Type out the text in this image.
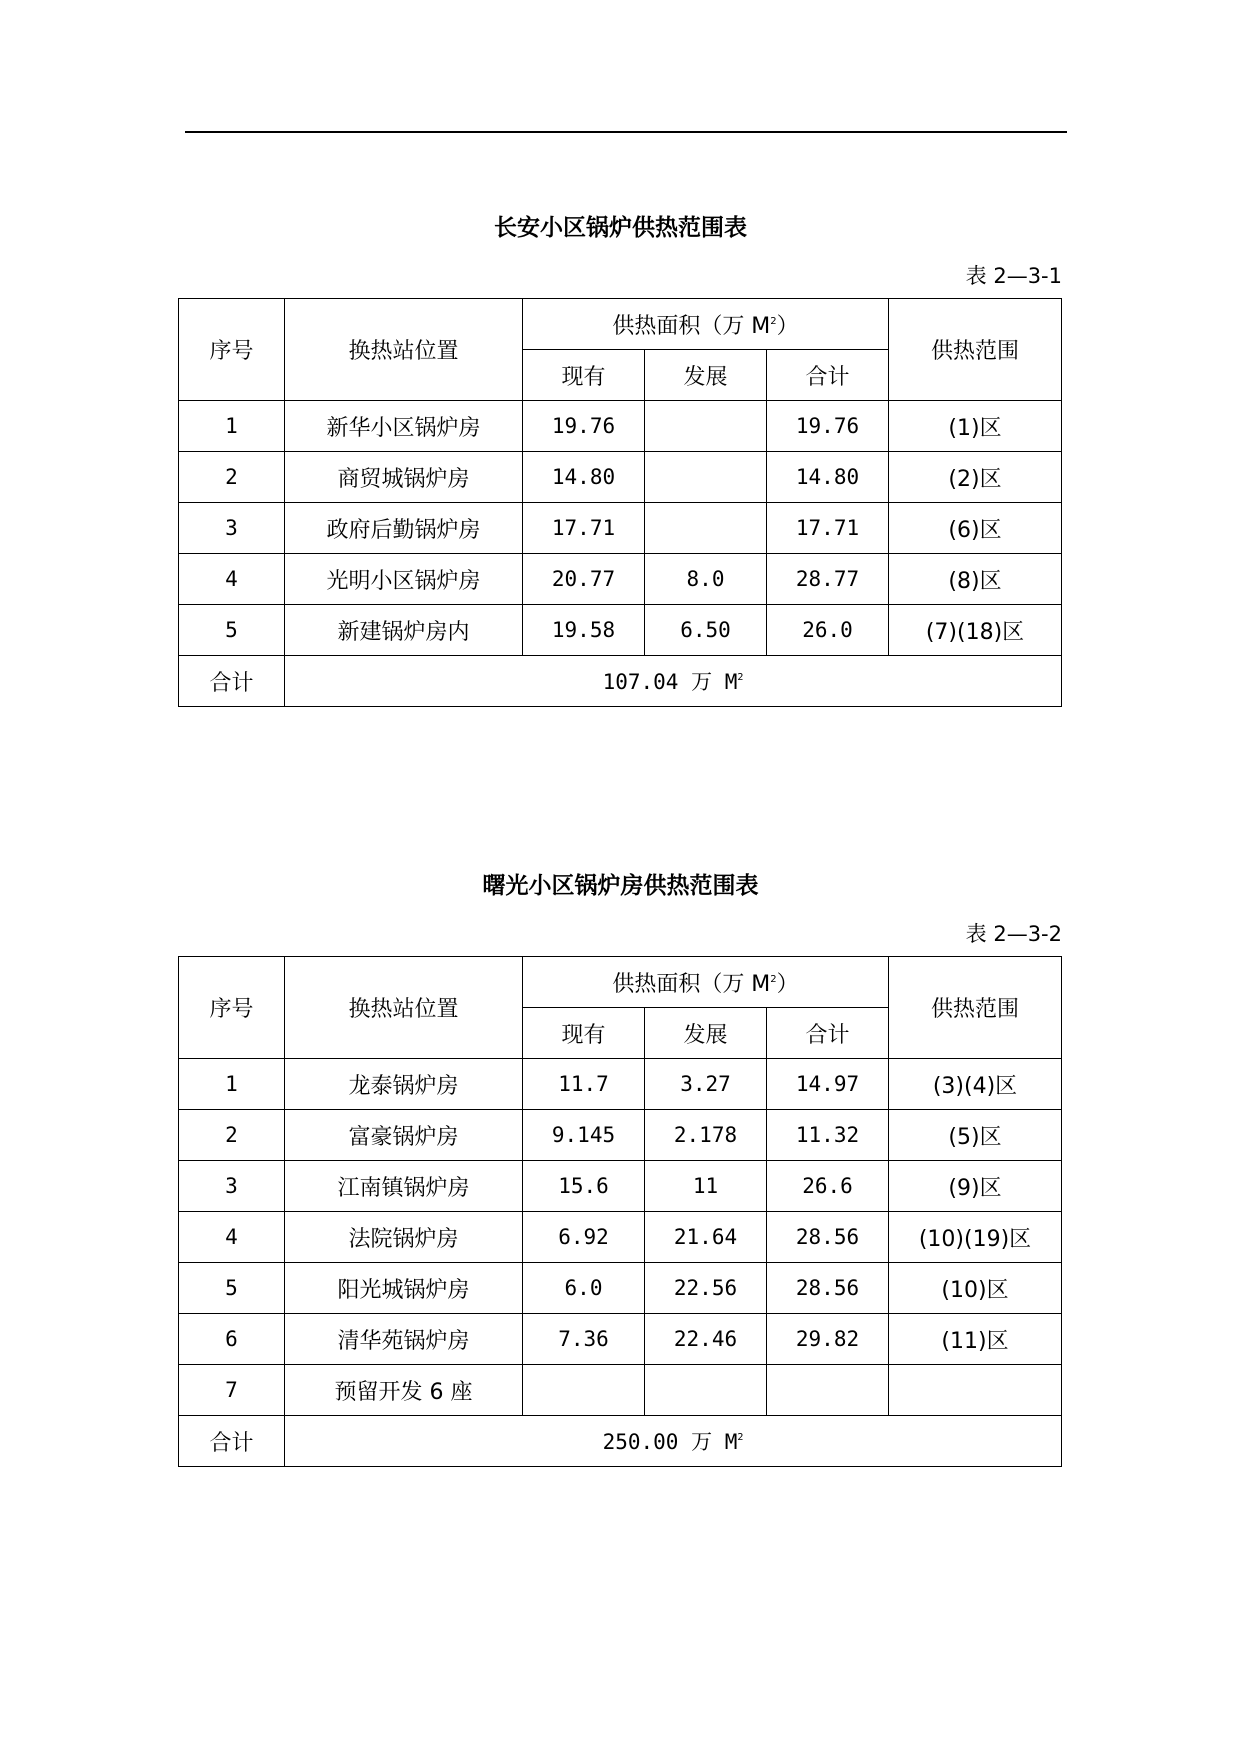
长安小区锅炉供热范围表
表 2—3-1
序号	换热站位置	供热面积（万 $M^2$）			供热范围
		现有	发展	合计	
1	新华小区锅炉房	19.76		19.76	(1)区
2	商贸城锅炉房	14.80		14.80	(2)区
3	政府后勤锅炉房	17.71		17.71	(6)区
4	光明小区锅炉房	20.77	8.0	28.77	(8)区
5	新建锅炉房内	19.58	6.50	26.0	(7)(18)区
合计	107.04 万 $M^2$
曙光小区锅炉房供热范围表
表 2—3-2
序号	换热站位置	供热面积（万 $M^2$）			供热范围
		现有	发展	合计	
1	龙泰锅炉房	11.7	3.27	14.97	(3)(4)区
2	富豪锅炉房	9.145	2.178	11.32	(5)区
3	江南镇锅炉房	15.6	11	26.6	(9)区
4	法院锅炉房	6.92	21.64	28.56	(10)(19)区
5	阳光城锅炉房	6.0	22.56	28.56	(10)区
6	清华苑锅炉房	7.36	22.46	29.82	(11)区
7	预留开发 6 座				
合计	250.00 万 $M^2$
